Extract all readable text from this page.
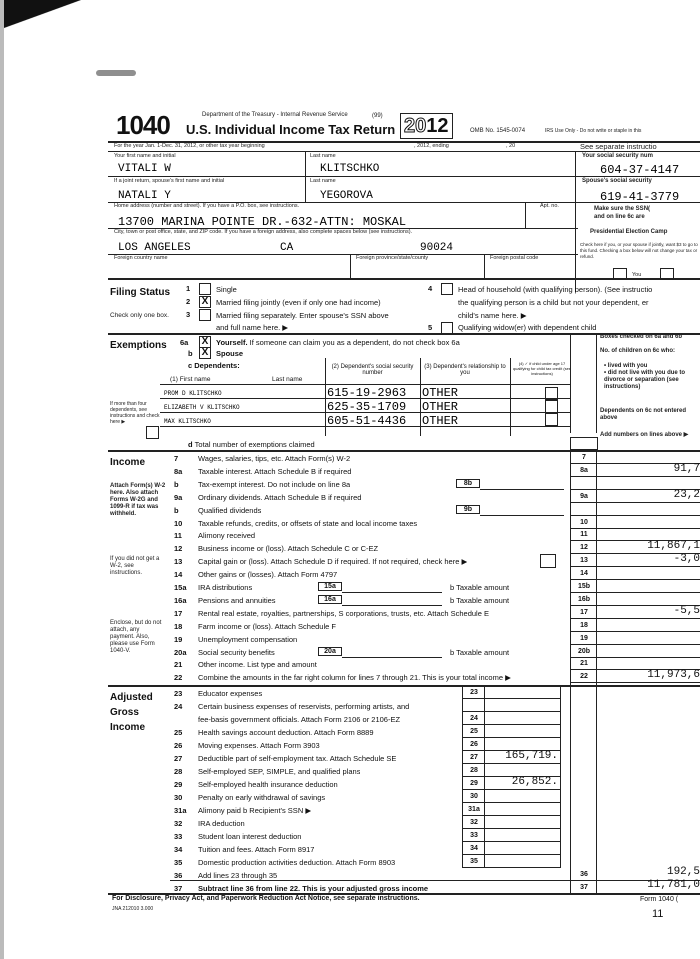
1040	Department of the Treasury - Internal Revenue Service	(99)
U.S. Individual Income Tax Return 2012	OMB No. 1545-0074	IRS Use Only - Do not write or staple in this
For the year Jan. 1-Dec. 31, 2012, or other tax year beginning	, 2012, ending	, 20	See separate instructio
Your first name and initial	Last name	Your social security num
VITALI W	KLITSCHKO	604-37-4147
If a joint return, spouse's first name and initial	Last name	Spouse's social security
NATALI Y	YEGOROVA	619-41-3779
Home address (number and street). If you have a P.O. box, see instructions.	Apt. no.
13700 MARINA POINTE DR.-632-ATTN: MOSKAL
Make sure the SSN(
and on line 6c are
City, town or post office, state, and ZIP code. If you have a foreign address, also complete spaces below (see instructions).	Presidential Election Camp
LOS ANGELES	CA	90024	Check here if you, or your spouse if jointly, want $3 to go to this fund. Checking a box below will not change your tax or refund.
Foreign country name	Foreign province/state/county	Foreign postal code
You
Filing Status
Check only one box.
1
2
3
X
Single
Married filing jointly (even if only one had income)
Married filing separately. Enter spouse's SSN above
and full name here. ▶
4
5
Head of household (with qualifying person). (See instructio
the qualifying person is a child but not your dependent, er
child's name here. ▶
Qualifying widow(er) with dependent child
Exemptions 6a
b
X
X
Yourself. If someone can claim you as a dependent, do not check box 6a
Spouse
c Dependents:
(1) First name	Last name
(2) Dependent's social security number
(3) Dependent's relationship to you
(4) ✓ if child under age 17 qualifying for child tax credit (see instructions)
PROM D KLITSCHKO	615-19-2963 OTHER
ELIZABETH V KLITSCHKO	625-35-1709 OTHER
MAX KLITSCHKO	605-51-4436 OTHER
If more than four dependents, see instructions and check here ▶
d Total number of exemptions claimed
Boxes checked on 6a and 6b
No. of children on 6c who:
• lived with you
• did not live with you due to divorce or separation (see instructions)
Dependents on 6c not entered above
Add numbers on lines above ▶
Income
Attach Form(s) W-2 here. Also attach Forms W-2G and 1099-R if tax was withheld.
If you did not get a W-2, see instructions.
Enclose, but do not attach, any payment. Also, please use Form 1040-V.
7	Wages, salaries, tips, etc. Attach Form(s) W-2	7
8a Taxable interest. Attach Schedule B if required	8a	91,7
b	Tax-exempt interest. Do not include on line 8a	8b
9a Ordinary dividends. Attach Schedule B if required	9a	23,2
b	Qualified dividends	9b
10 Taxable refunds, credits, or offsets of state and local income taxes	10
11 Alimony received	11
12 Business income or (loss). Attach Schedule C or C-EZ	12	11,867,1
13 Capital gain or (loss). Attach Schedule D if required. If not required, check here ▶	13	-3,0
14 Other gains or (losses). Attach Form 4797	14
15a IRA distributions	15a	b Taxable amount	15b
16a Pensions and annuities	16a	b Taxable amount	16b
17 Rental real estate, royalties, partnerships, S corporations, trusts, etc. Attach Schedule E	17	-5,5
18 Farm income or (loss). Attach Schedule F	18
19 Unemployment compensation	19
20a Social security benefits	20a	b Taxable amount	20b
21 Other income. List type and amount	21
22 Combine the amounts in the far right column for lines 7 through 21. This is your total income ▶	22	11,973,6
Adjusted
Gross
Income
23 Educator expenses	23
24 Certain business expenses of reservists, performing artists, and
fee-basis government officials. Attach Form 2106 or 2106-EZ	24
25 Health savings account deduction. Attach Form 8889	25
26 Moving expenses. Attach Form 3903	26
27 Deductible part of self-employment tax. Attach Schedule SE	27	165,719.
28 Self-employed SEP, SIMPLE, and qualified plans	28
29 Self-employed health insurance deduction	29	26,852.
30 Penalty on early withdrawal of savings	30
31a Alimony paid b Recipient's SSN ▶	31a
32 IRA deduction	32
33 Student loan interest deduction	33
34 Tuition and fees. Attach Form 8917	34
35 Domestic production activities deduction. Attach Form 8903	35
36 Add lines 23 through 35	36	192,5
37 Subtract line 36 from line 22. This is your adjusted gross income	37	11,781,0
For Disclosure, Privacy Act, and Paperwork Reduction Act Notice, see separate instructions.
JNA 212010 3.000
Form 1040 (
11
